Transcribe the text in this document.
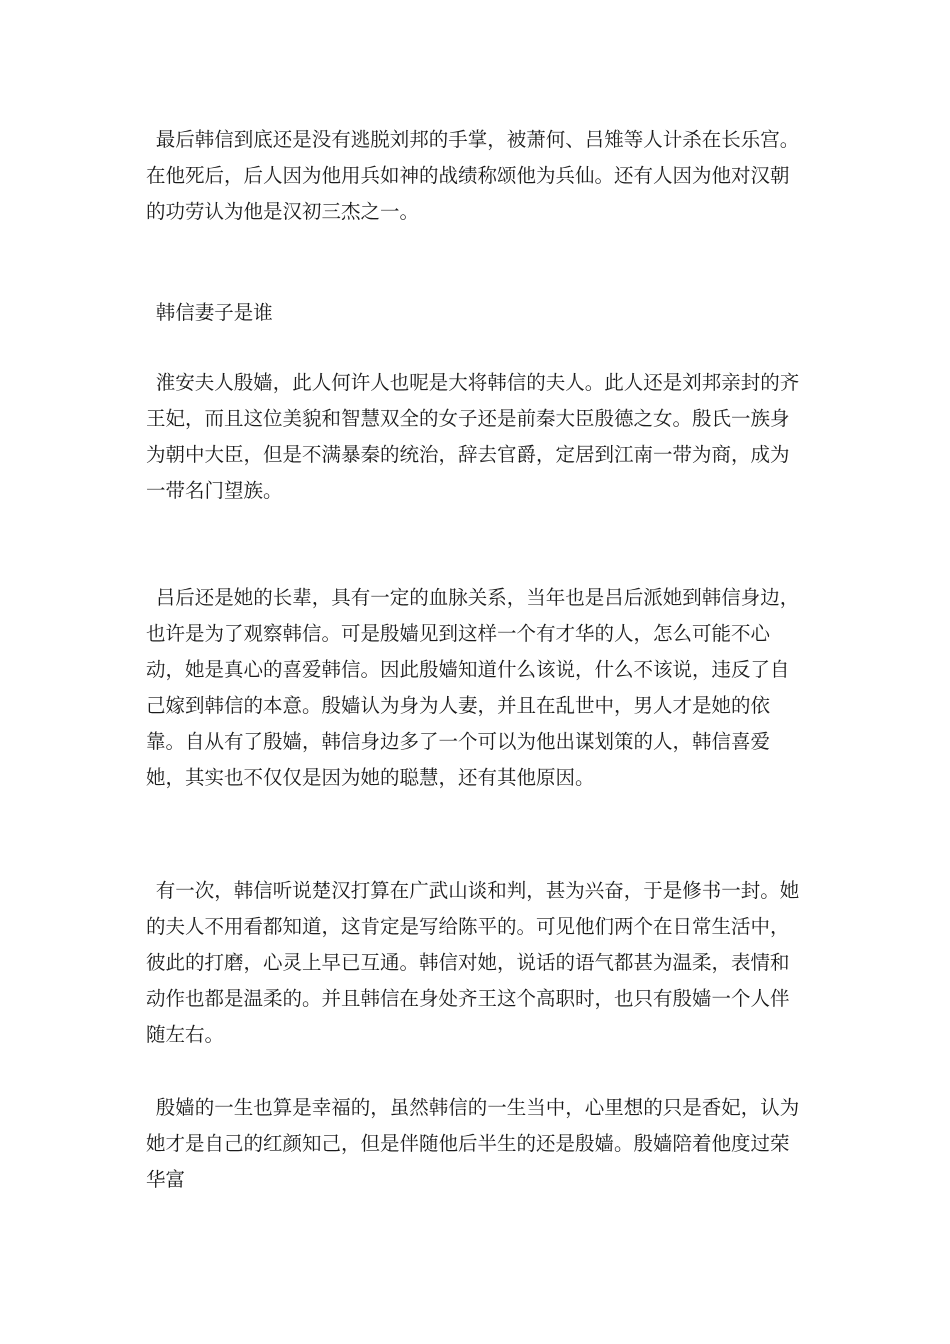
最后韩信到底还是没有逃脱刘邦的手掌，被萧何、吕雉等人计杀在长乐宫。在他死后，后人因为他用兵如神的战绩称颂他为兵仙。还有人因为他对汉朝的功劳认为他是汉初三杰之一。

韩信妻子是谁

淮安夫人殷嫱，此人何许人也呢是大将韩信的夫人。此人还是刘邦亲封的齐王妃，而且这位美貌和智慧双全的女子还是前秦大臣殷德之女。殷氏一族身为朝中大臣，但是不满暴秦的统治，辞去官爵，定居到江南一带为商，成为一带名门望族。

吕后还是她的长辈，具有一定的血脉关系，当年也是吕后派她到韩信身边，也许是为了观察韩信。可是殷嫱见到这样一个有才华的人，怎么可能不心动，她是真心的喜爱韩信。因此殷嫱知道什么该说，什么不该说，违反了自己嫁到韩信的本意。殷嫱认为身为人妻，并且在乱世中，男人才是她的依靠。自从有了殷嫱，韩信身边多了一个可以为他出谋划策的人，韩信喜爱她，其实也不仅仅是因为她的聪慧，还有其他原因。

有一次，韩信听说楚汉打算在广武山谈和判，甚为兴奋，于是修书一封。她的夫人不用看都知道，这肯定是写给陈平的。可见他们两个在日常生活中，彼此的打磨，心灵上早已互通。韩信对她，说话的语气都甚为温柔，表情和动作也都是温柔的。并且韩信在身处齐王这个高职时，也只有殷嫱一个人伴随左右。

殷嫱的一生也算是幸福的，虽然韩信的一生当中，心里想的只是香妃，认为她才是自己的红颜知己，但是伴随他后半生的还是殷嫱。殷嫱陪着他度过荣华富
